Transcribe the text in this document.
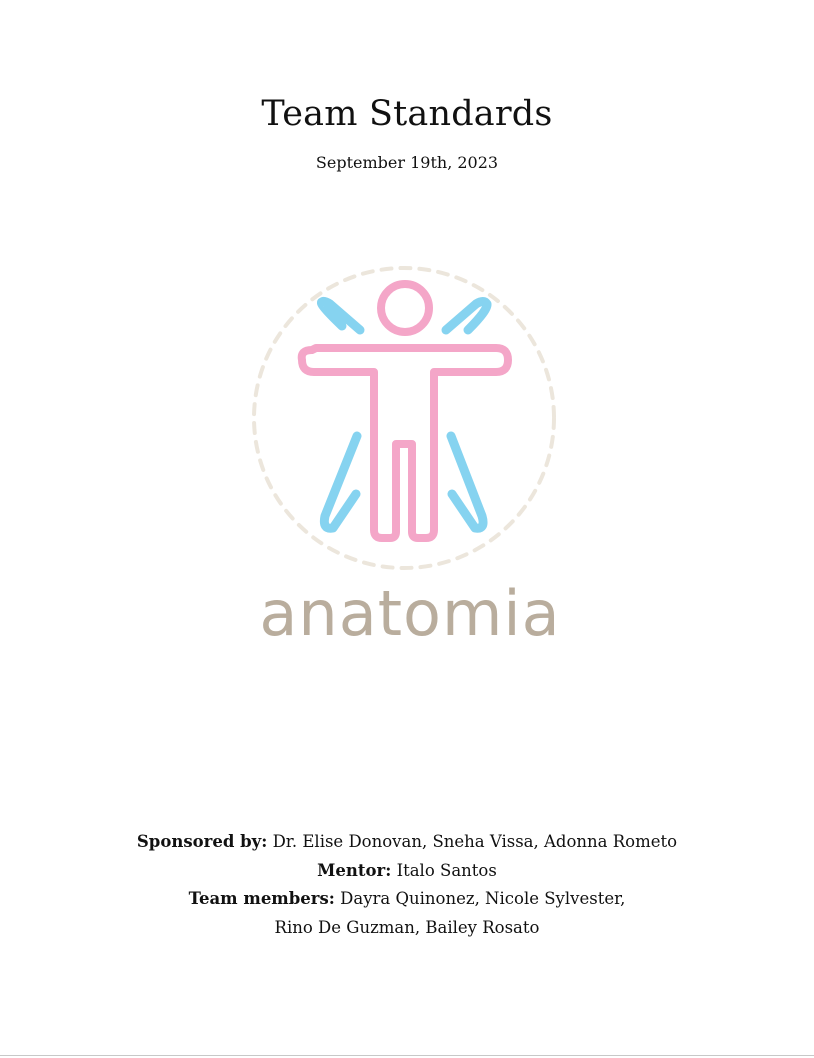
Team Standards
September 19th, 2023
anatomia
Sponsored by: Dr. Elise Donovan, Sneha Vissa, Adonna Rometo
Mentor: Italo Santos
Team members: Dayra Quinonez, Nicole Sylvester,
Rino De Guzman, Bailey Rosato
